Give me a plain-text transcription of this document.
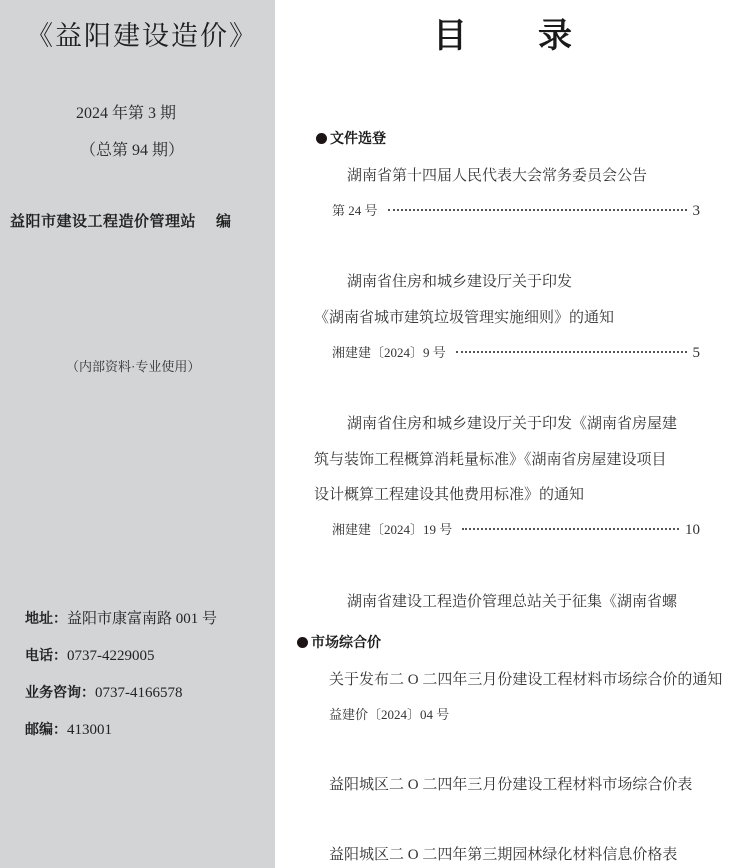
《益阳建设造价》
2024 年第 3 期
（总第 94 期）
益阳市建设工程造价管理站 编
（内部资料·专业使用）
地址：益阳市康富南路 001 号
电话：0737-4229005
业务咨询：0737-4166578
邮编：413001
目 录
文件选登
湖南省第十四届人民代表大会常务委员会公告
第 24 号	3
湖南省住房和城乡建设厅关于印发
《湖南省城市建筑垃圾管理实施细则》的通知
湘建建〔2024〕9 号	5
湖南省住房和城乡建设厅关于印发《湖南省房屋建
筑与装饰工程概算消耗量标准》《湖南省房屋建设项目
设计概算工程建设其他费用标准》的通知
湘建建〔2024〕19 号	10
湖南省建设工程造价管理总站关于征集《湖南省螺
市场综合价
关于发布二 O 二四年三月份建设工程材料市场综合价的通知
益建价〔2024〕04 号
益阳城区二 O 二四年三月份建设工程材料市场综合价表
益阳城区二 O 二四年第三期园林绿化材料信息价格表
